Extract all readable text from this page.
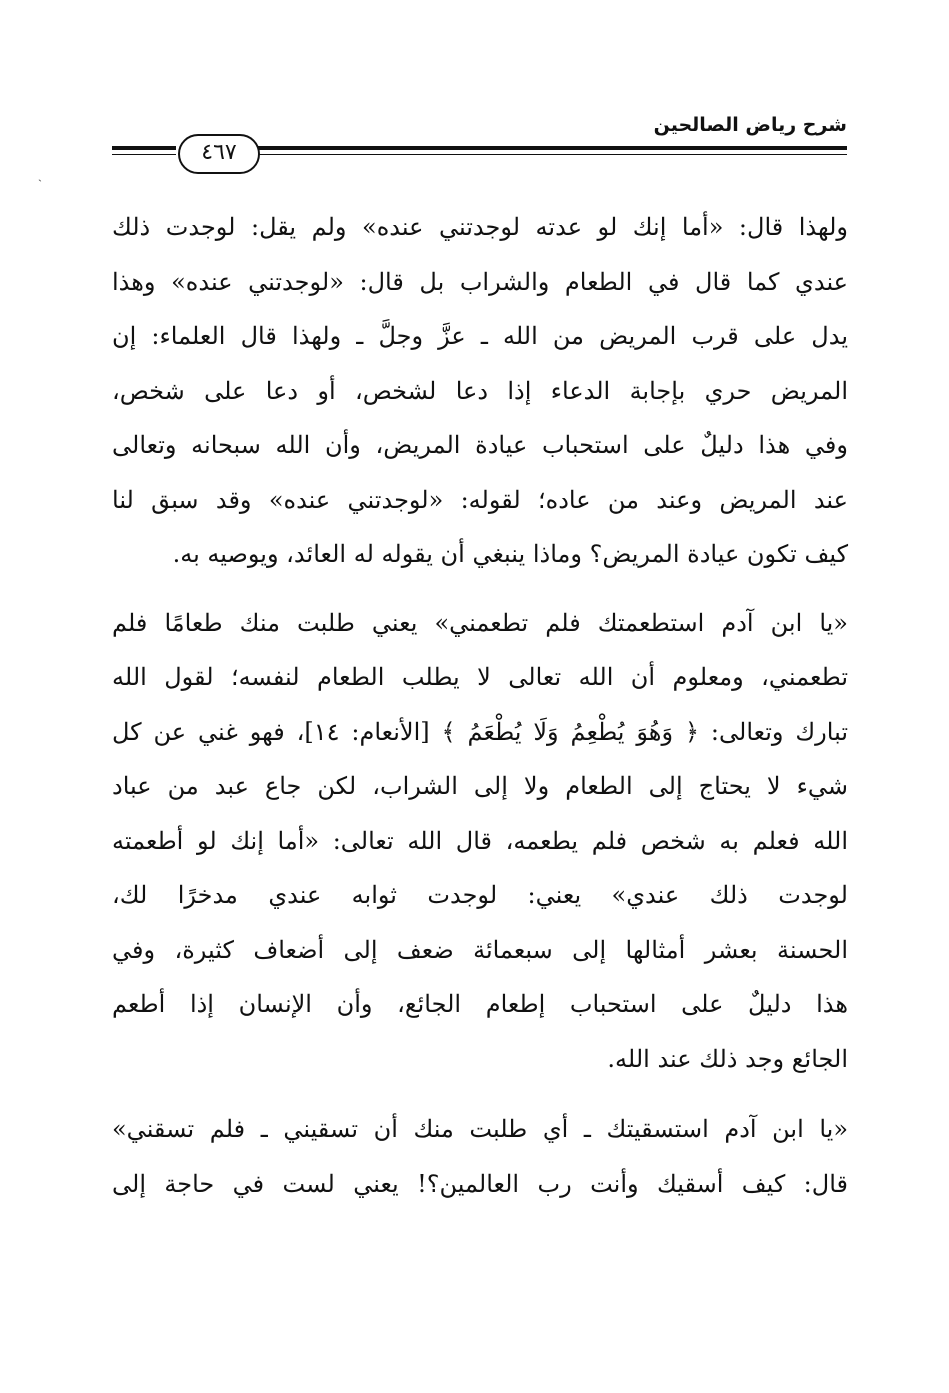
ˏ
شرح رياض الصالحين
٤٦٧
ولهذا قال: «أما إنك لو عدته لوجدتني عنده» ولم يقل: لوجدت ذلك
عندي كما قال في الطعام والشراب بل قال: «لوجدتني عنده» وهذا
يدل على قرب المريض من الله ـ عزَّ وجلَّ ـ ولهذا قال العلماء: إن
المريض حري بإجابة الدعاء إذا دعا لشخص، أو دعا على شخص،
وفي هذا دليلٌ على استحباب عيادة المريض، وأن الله سبحانه وتعالى
عند المريض وعند من عاده؛ لقوله: «لوجدتني عنده» وقد سبق لنا
كيف تكون عيادة المريض؟ وماذا ينبغي أن يقوله له العائد، ويوصيه به.
«يا ابن آدم استطعمتك فلم تطعمني» يعني طلبت منك طعامًا فلم
تطعمني، ومعلوم أن الله تعالى لا يطلب الطعام لنفسه؛ لقول الله
تبارك وتعالى: ﴿ وَهُوَ يُطْعِمُ وَلَا يُطْعَمُ ﴾ [الأنعام: ١٤]، فهو غني عن كل
شيء لا يحتاج إلى الطعام ولا إلى الشراب، لكن جاع عبد من عباد
الله فعلم به شخص فلم يطعمه، قال الله تعالى: «أما إنك لو أطعمته
لوجدت ذلك عندي» يعني: لوجدت ثوابه عندي مدخرًا لك،
الحسنة بعشر أمثالها إلى سبعمائة ضعف إلى أضعاف كثيرة، وفي
هذا دليلٌ على استحباب إطعام الجائع، وأن الإنسان إذا أطعم
الجائع وجد ذلك عند الله.
«يا ابن آدم استسقيتك ـ أي طلبت منك أن تسقيني ـ فلم تسقني»
قال: كيف أسقيك وأنت رب العالمين؟! يعني لست في حاجة إلى
